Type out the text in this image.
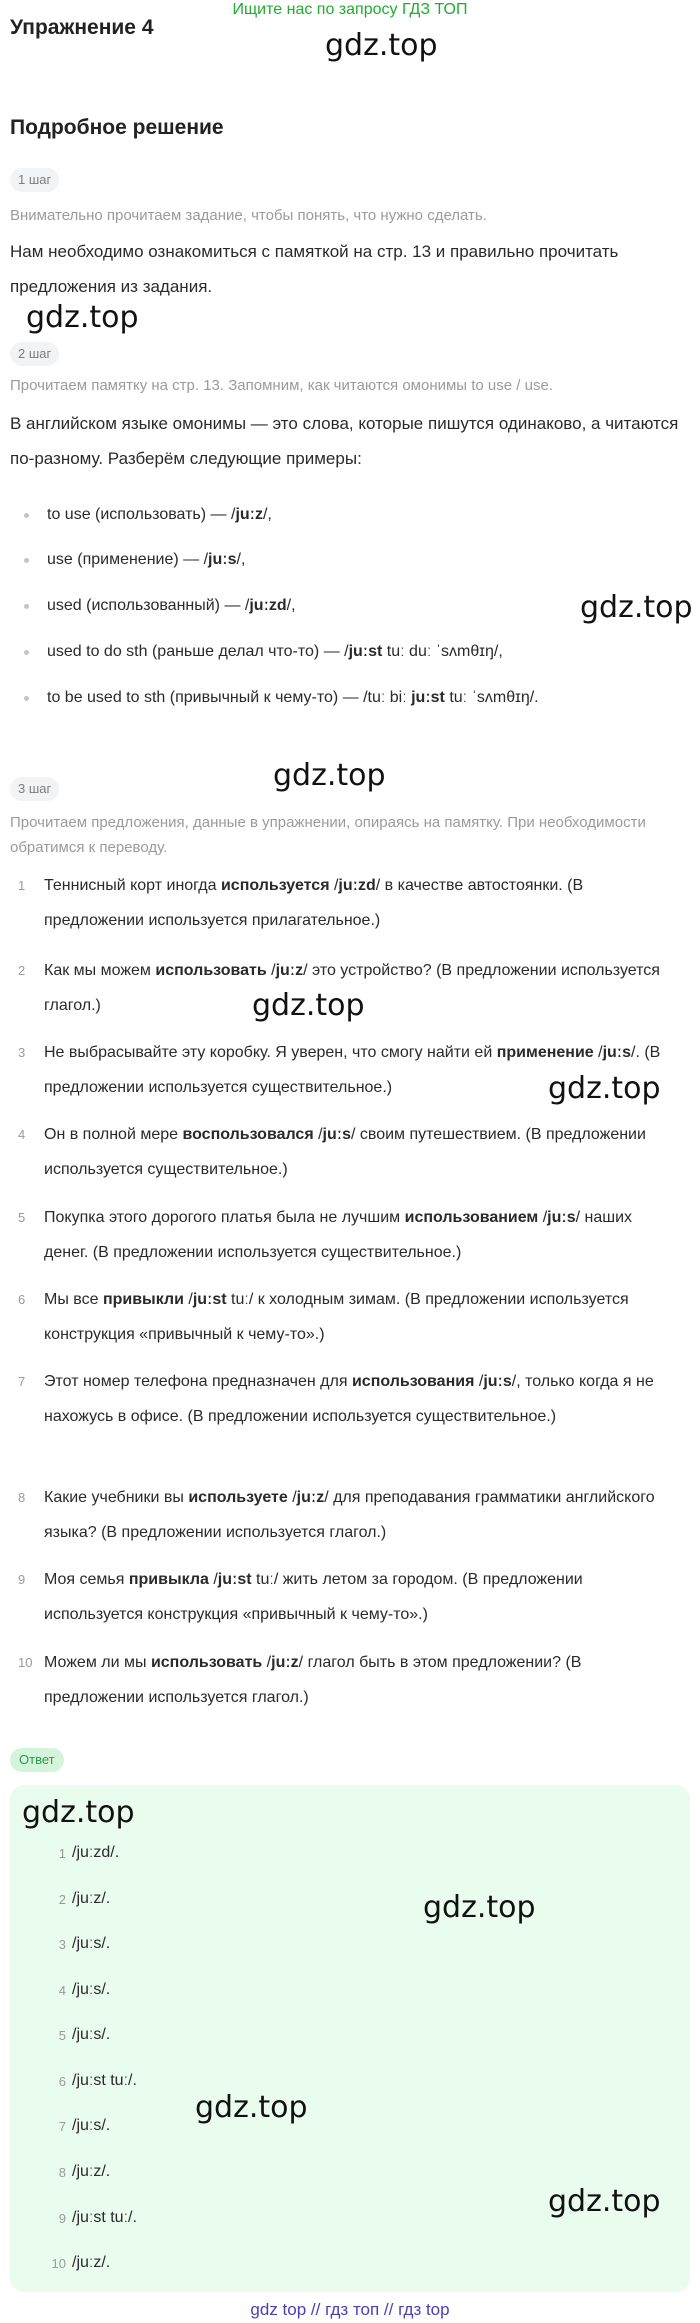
Ищите нас по запросу ГДЗ ТОП
Упражнение 4
Подробное решение
1 шаг
Внимательно прочитаем задание, чтобы понять, что нужно сделать.
Нам необходимо ознакомиться с памяткой на стр. 13 и правильно прочитать предложения из задания.
2 шаг
Прочитаем памятку на стр. 13. Запомним, как читаются омонимы to use / use.
В английском языке омонимы — это слова, которые пишутся одинаково, а читаются по-разному. Разберём следующие примеры:
to use (использовать) — /juːz/,
use (применение) — /juːs/,
used (использованный) — /juːzd/,
used to do sth (раньше делал что-то) — /juːst tuː duː ˈsʌmθɪŋ/,
to be used to sth (привычный к чему-то) — /tuː biː juːst tuː ˈsʌmθɪŋ/.
3 шаг
Прочитаем предложения, данные в упражнении, опираясь на памятку. При необходимости обратимся к переводу.
1	Теннисный корт иногда используется /juːzd/ в качестве автостоянки. (В предложении используется прилагательное.)
2	Как мы можем использовать /juːz/ это устройство? (В предложении используется глагол.)
3	Не выбрасывайте эту коробку. Я уверен, что смогу найти ей применение /juːs/. (В предложении используется существительное.)
4	Он в полной мере воспользовался /juːs/ своим путешествием. (В предложении используется существительное.)
5	Покупка этого дорогого платья была не лучшим использованием /juːs/ наших денег. (В предложении используется существительное.)
6	Мы все привыкли /juːst tuː/ к холодным зимам. (В предложении используется конструкция «привычный к чему-то».)
7	Этот номер телефона предназначен для использования /juːs/, только когда я не нахожусь в офисе. (В предложении используется существительное.)
8	Какие учебники вы используете /juːz/ для преподавания грамматики английского языка? (В предложении используется глагол.)
9	Моя семья привыкла /juːst tuː/ жить летом за городом. (В предложении используется конструкция «привычный к чему-то».)
10 Можем ли мы использовать /juːz/ глагол быть в этом предложении? (В предложении используется глагол.)
Ответ
1 /juːzd/.
2 /juːz/.
3 /juːs/.
4 /juːs/.
5 /juːs/.
6 /juːst tuː/.
7 /juːs/.
8 /juːz/.
9 /juːst tuː/.
10 /juːz/.
gdz.top
gdz.top
gdz.top
gdz.top
gdz.top
gdz.top
gdz.top
gdz.top
gdz.top
gdz.top
gdz top // гдз топ // гдз top
